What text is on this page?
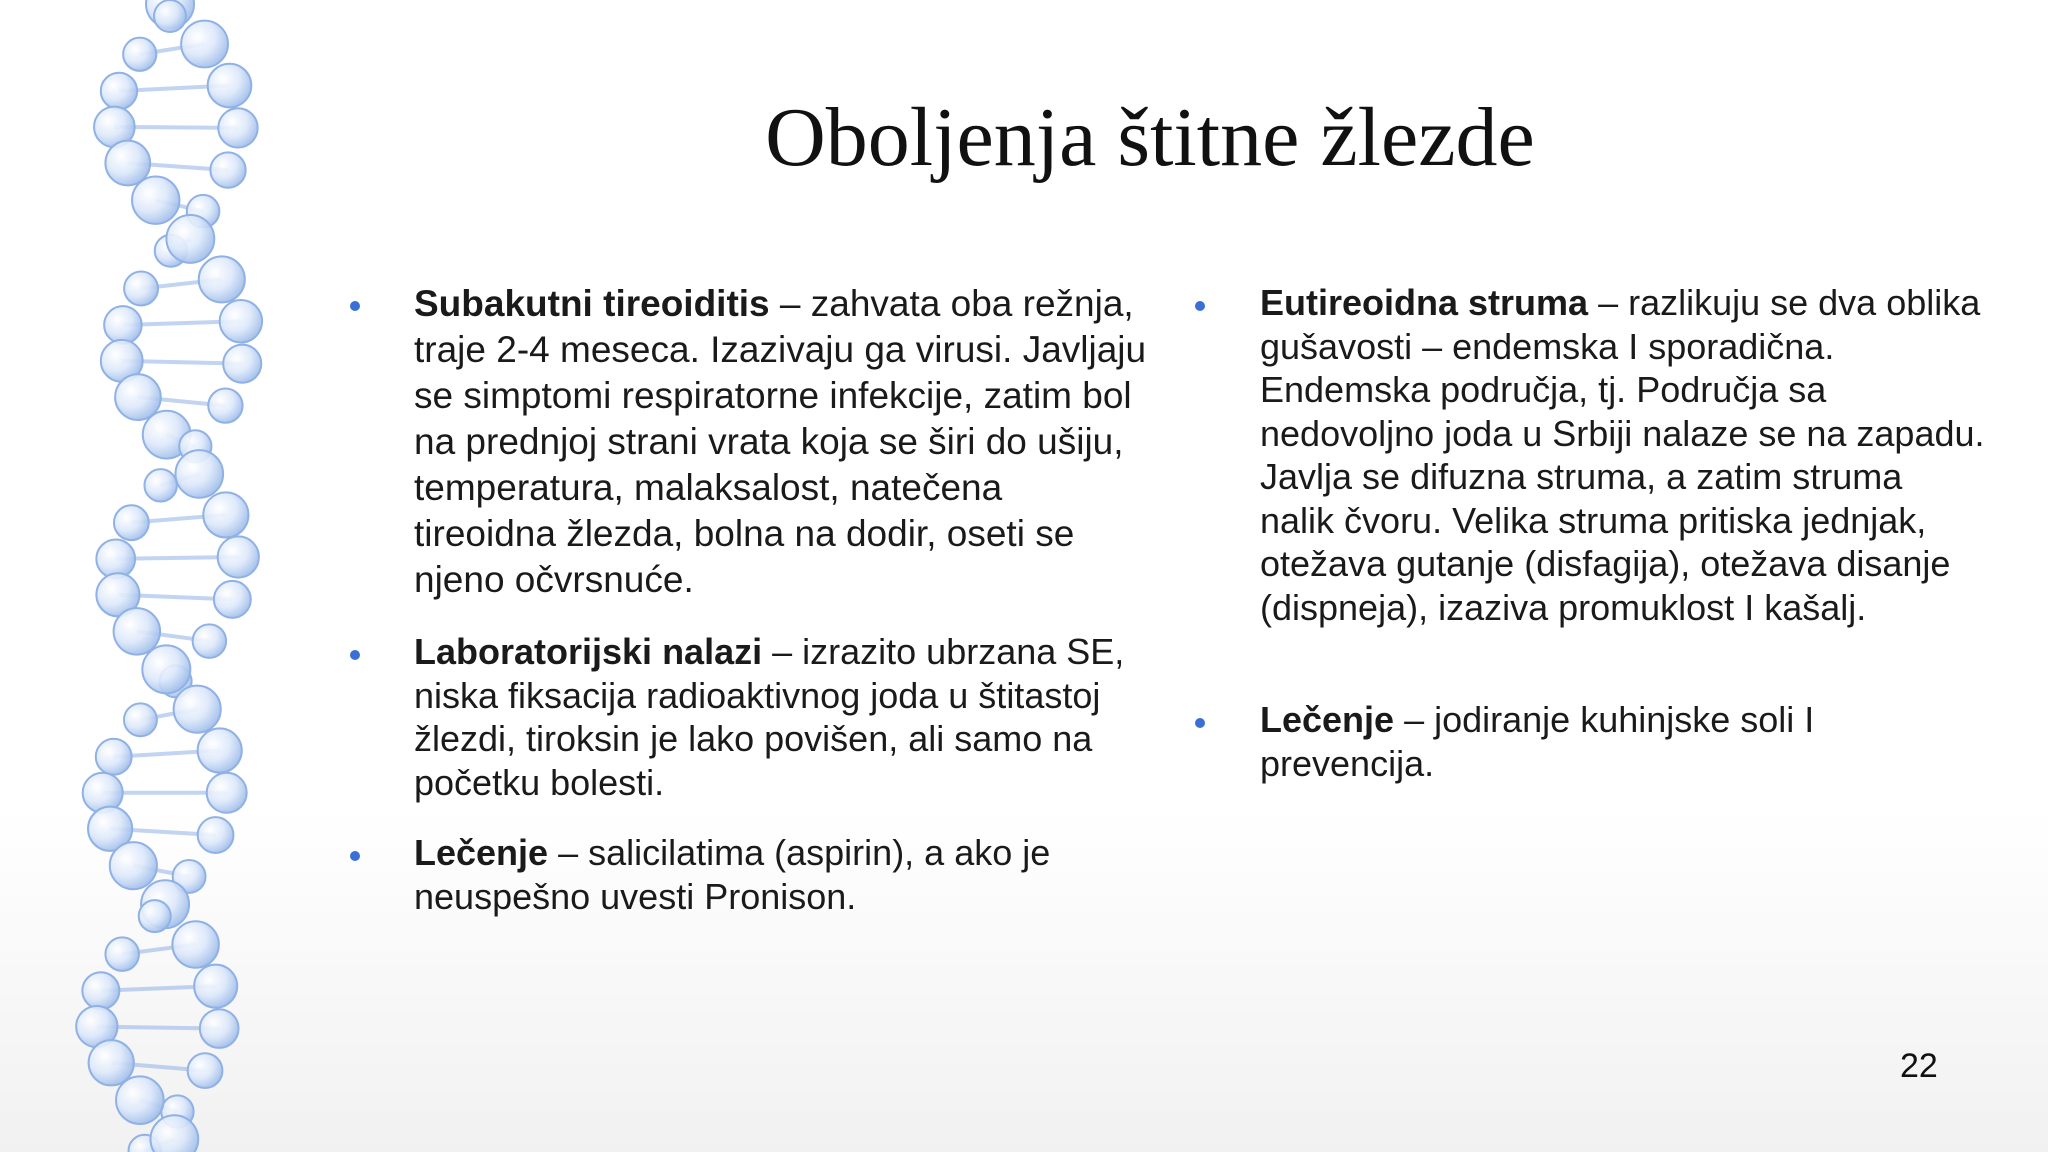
Oboljenja štitne žlezde
Subakutni tireoiditis – zahvata oba režnja, traje 2-4 meseca. Izazivaju ga virusi. Javljaju se simptomi respiratorne infekcije, zatim bol na prednjoj strani vrata koja se širi do ušiju, temperatura, malaksalost, natečena tireoidna žlezda, bolna na dodir, oseti se njeno očvrsnuće.
Laboratorijski nalazi – izrazito ubrzana SE, niska fiksacija radioaktivnog joda u štitastoj žlezdi, tiroksin je lako povišen, ali samo na početku bolesti.
Lečenje – salicilatima (aspirin), a ako je neuspešno uvesti Pronison.
Eutireoidna struma – razlikuju se dva oblika gušavosti – endemska I sporadična. Endemska područja, tj. Područja sa nedovoljno joda u Srbiji nalaze se na zapadu. Javlja se difuzna struma, a zatim struma nalik čvoru. Velika struma pritiska jednjak, otežava gutanje (disfagija), otežava disanje (dispneja), izaziva promuklost I kašalj.
Lečenje – jodiranje kuhinjske soli I prevencija.
22
